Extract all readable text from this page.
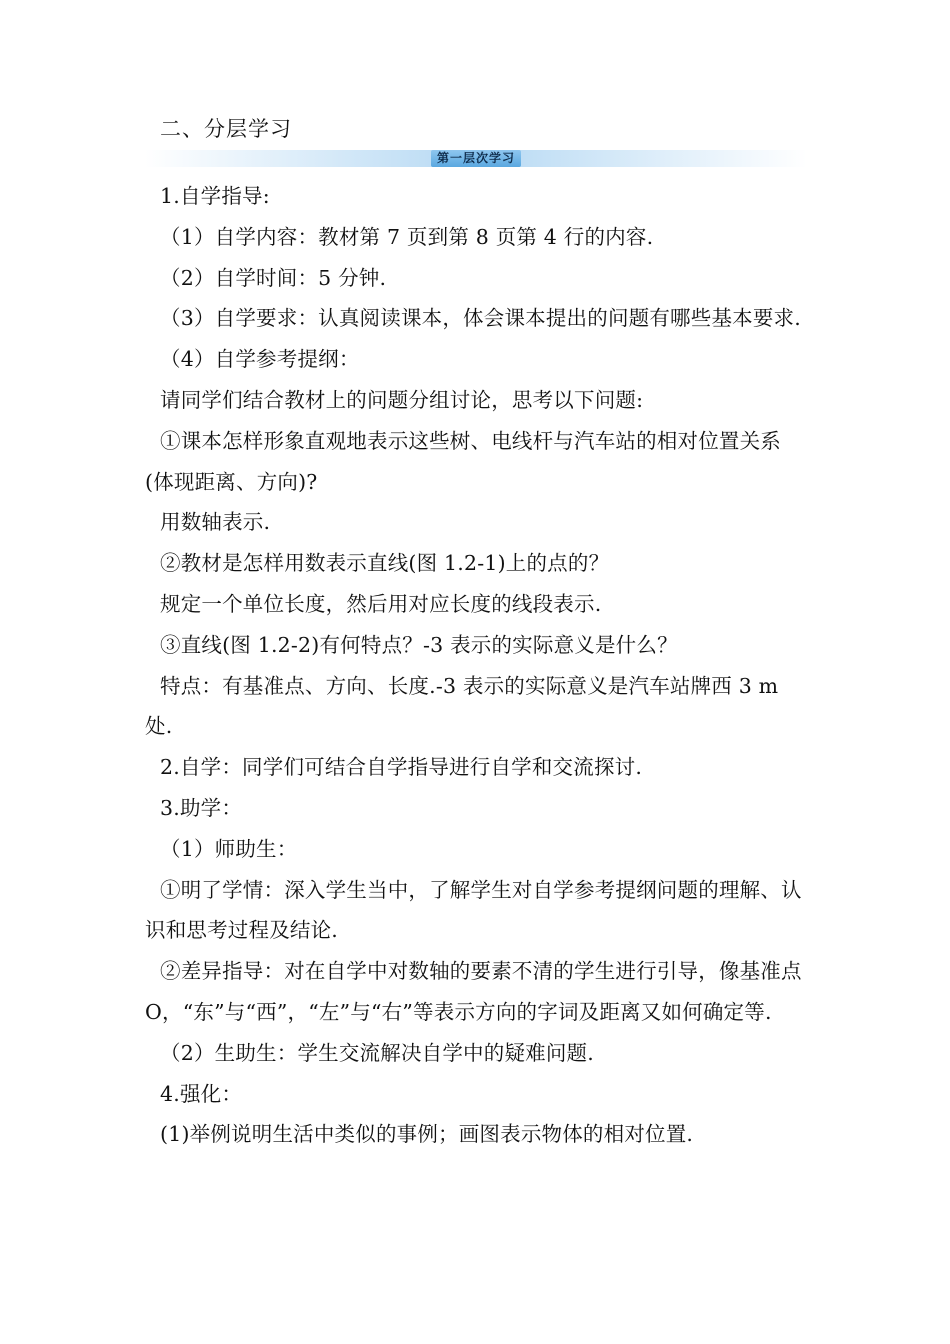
二、分层学习
第一层次学习
1.自学指导:
（1）自学内容：教材第 7 页到第 8 页第 4 行的内容.
（2）自学时间：5 分钟.
（3）自学要求：认真阅读课本，体会课本提出的问题有哪些基本要求.
（4）自学参考提纲：
请同学们结合教材上的问题分组讨论，思考以下问题:
①课本怎样形象直观地表示这些树、电线杆与汽车站的相对位置关系(体现距离、方向)?
用数轴表示.
②教材是怎样用数表示直线(图 1.2-1)上的点的？
规定一个单位长度，然后用对应长度的线段表示.
③直线(图 1.2-2)有何特点？-3 表示的实际意义是什么？
特点：有基准点、方向、长度.-3 表示的实际意义是汽车站牌西 3 m 处.
2.自学：同学们可结合自学指导进行自学和交流探讨.
3.助学：
（1）师助生：
①明了学情：深入学生当中，了解学生对自学参考提纲问题的理解、认识和思考过程及结论.
②差异指导：对在自学中对数轴的要素不清的学生进行引导，像基准点 O，“东”与“西”，“左”与“右”等表示方向的字词及距离又如何确定等.
（2）生助生：学生交流解决自学中的疑难问题.
4.强化：
(1)举例说明生活中类似的事例；画图表示物体的相对位置.
